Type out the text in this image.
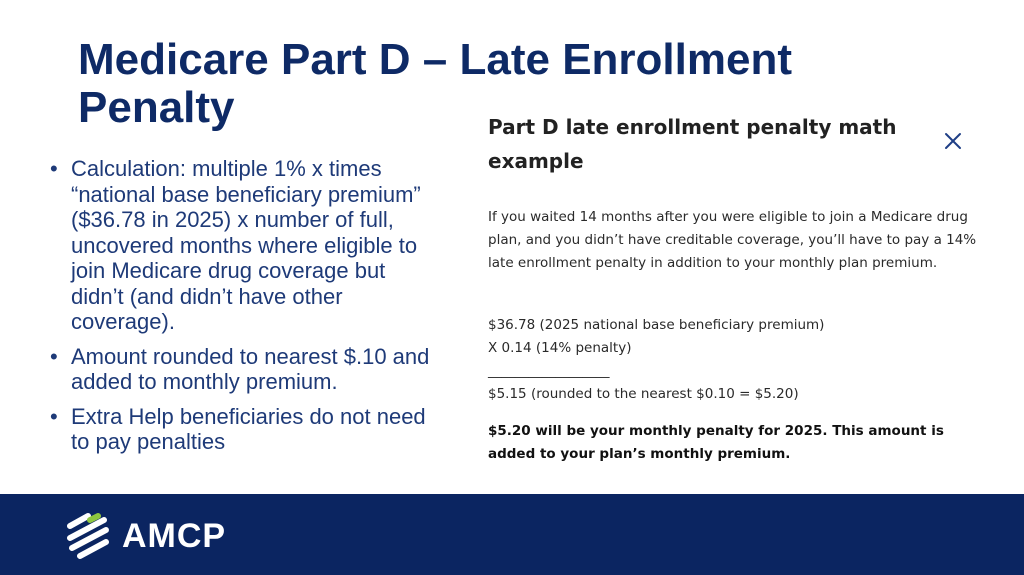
Medicare Part D – Late Enrollment Penalty
• Calculation: multiple 1% x times “national base beneficiary premium” ($36.78 in 2025) x number of full, uncovered months where eligible to join Medicare drug coverage but didn’t (and didn’t have other coverage).
• Amount rounded to nearest $.10 and added to monthly premium.
• Extra Help beneficiaries do not need to pay penalties
Part D late enrollment penalty math example

If you waited 14 months after you were eligible to join a Medicare drug plan, and you didn’t have creditable coverage, you’ll have to pay a 14% late enrollment penalty in addition to your monthly plan premium.

$36.78 (2025 national base beneficiary premium)
X 0.14 (14% penalty)
__________________
$5.15 (rounded to the nearest $0.10 = $5.20)

$5.20 will be your monthly penalty for 2025. This amount is added to your plan’s monthly premium.

AMCP
